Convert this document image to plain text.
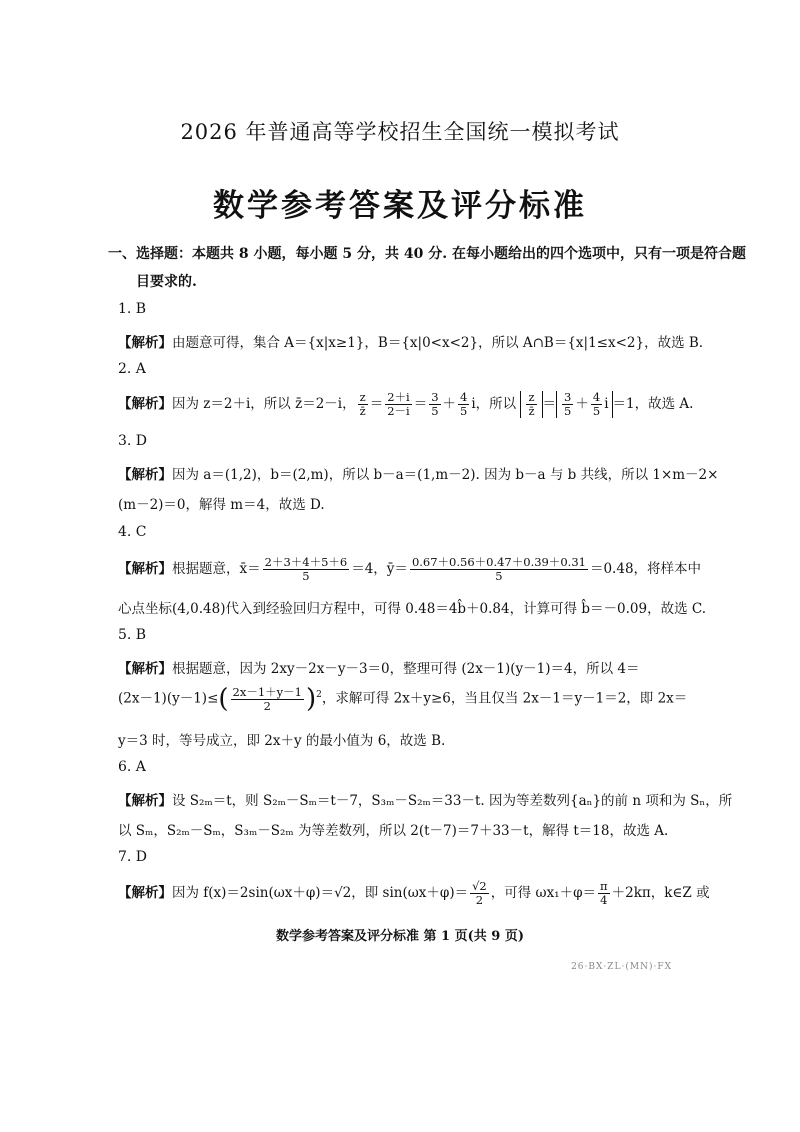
2026 年普通高等学校招生全国统一模拟考试
数学参考答案及评分标准
一、选择题：本题共 8 小题，每小题 5 分，共 40 分. 在每小题给出的四个选项中，只有一项是符合题
目要求的.
1. B
【解析】由题意可得，集合 A＝{x|x≥1}，B＝{x|0<x<2}，所以 A∩B＝{x|1≤x<2}，故选 B.
2. A
【解析】因为 z＝2＋i，所以 z̄＝2－i， $\frac{z}{z̄} = \frac{2+i}{2-i} = \frac{3}{5} + \frac{4}{5}$ i，所以 $\frac{z}{z̄} = \frac{3}{5} + \frac{4}{5}$ i ＝1，故选 A.
3. D
【解析】因为 a＝(1,2)，b＝(2,m)，所以 b－a＝(1,m－2). 因为 b－a 与 b 共线，所以 1×m－2×
(m－2)＝0，解得 m＝4，故选 D.
4. C
【解析】根据题意，x̄＝ $\frac{2+3+4+5+6}{5} =4$，ȳ＝ $\frac{0.67+0.56+0.47+0.39+0.31}{5} =0.48$，将样本中
心点坐标(4,0.48)代入到经验回归方程中，可得 0.48＝4b̂＋0.84，计算可得 b̂＝－0.09，故选 C.
5. B
【解析】根据题意，因为 2xy－2x－y－3＝0，整理可得 (2x－1)(y－1)＝4，所以 4＝
$(2x-1)(y-1)\le( \frac{2x-1+y-1}{2} )^2$，求解可得 2x＋y≥6，当且仅当 2x－1＝y－1＝2，即 2x＝
y＝3 时，等号成立，即 2x＋y 的最小值为 6，故选 B.
6. A
【解析】设 S₂ₘ＝t，则 S₂ₘ－Sₘ＝t－7，S₃ₘ－S₂ₘ＝33－t. 因为等差数列{aₙ}的前 n 项和为 Sₙ，所
以 Sₘ，S₂ₘ－Sₘ，S₃ₘ－S₂ₘ 为等差数列，所以 2(t－7)＝7＋33－t，解得 t＝18，故选 A.
7. D
【解析】因为 f(x)＝2sin(ωx＋φ)＝√2，即 $\sin(\omega x+\varphi)= \frac{√2}{2}$ ，可得 $\omega x_1+\varphi= \frac{\pi}{4} +2k\pi$，k∈Z 或
数学参考答案及评分标准 第 1 页(共 9 页)
26·BX·ZL·(MN)·FX
